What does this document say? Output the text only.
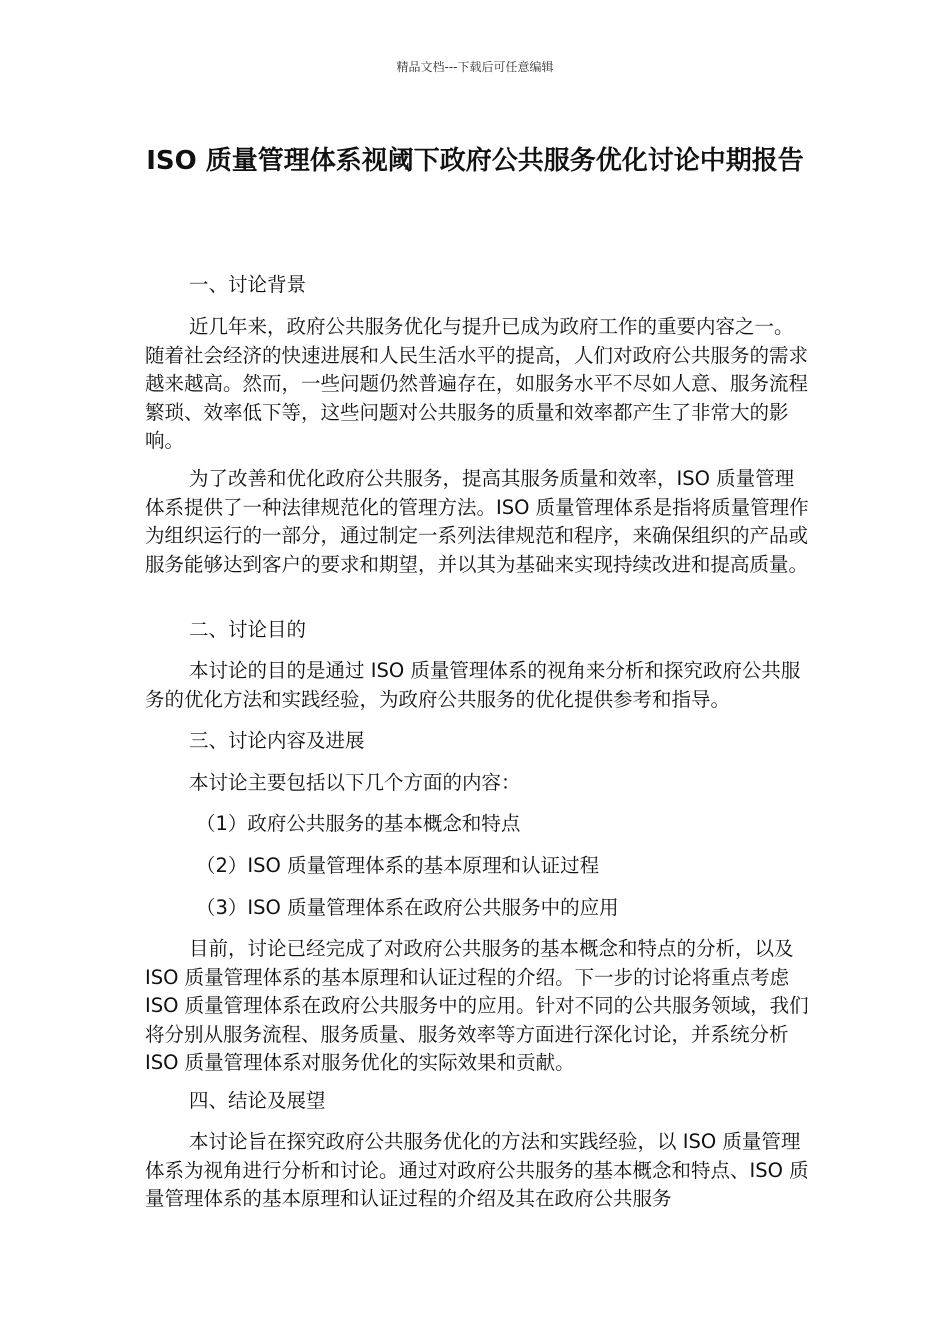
精品文档---下载后可任意编辑
ISO 质量管理体系视阈下政府公共服务优化讨论中期报告

一、讨论背景

近几年来，政府公共服务优化与提升已成为政府工作的重要内容之一。随着社会经济的快速进展和人民生活水平的提高，人们对政府公共服务的需求越来越高。然而，一些问题仍然普遍存在，如服务水平不尽如人意、服务流程繁琐、效率低下等，这些问题对公共服务的质量和效率都产生了非常大的影响。

为了改善和优化政府公共服务，提高其服务质量和效率，ISO 质量管理体系提供了一种法律规范化的管理方法。ISO 质量管理体系是指将质量管理作为组织运行的一部分，通过制定一系列法律规范和程序，来确保组织的产品或服务能够达到客户的要求和期望，并以其为基础来实现持续改进和提高质量。

二、讨论目的

本讨论的目的是通过 ISO 质量管理体系的视角来分析和探究政府公共服务的优化方法和实践经验，为政府公共服务的优化提供参考和指导。

三、讨论内容及进展

本讨论主要包括以下几个方面的内容：

（1）政府公共服务的基本概念和特点

（2）ISO 质量管理体系的基本原理和认证过程

（3）ISO 质量管理体系在政府公共服务中的应用

目前，讨论已经完成了对政府公共服务的基本概念和特点的分析，以及 ISO 质量管理体系的基本原理和认证过程的介绍。下一步的讨论将重点考虑 ISO 质量管理体系在政府公共服务中的应用。针对不同的公共服务领域，我们将分别从服务流程、服务质量、服务效率等方面进行深化讨论，并系统分析 ISO 质量管理体系对服务优化的实际效果和贡献。

四、结论及展望

本讨论旨在探究政府公共服务优化的方法和实践经验，以 ISO 质量管理体系为视角进行分析和讨论。通过对政府公共服务的基本概念和特点、ISO 质量管理体系的基本原理和认证过程的介绍及其在政府公共服务
